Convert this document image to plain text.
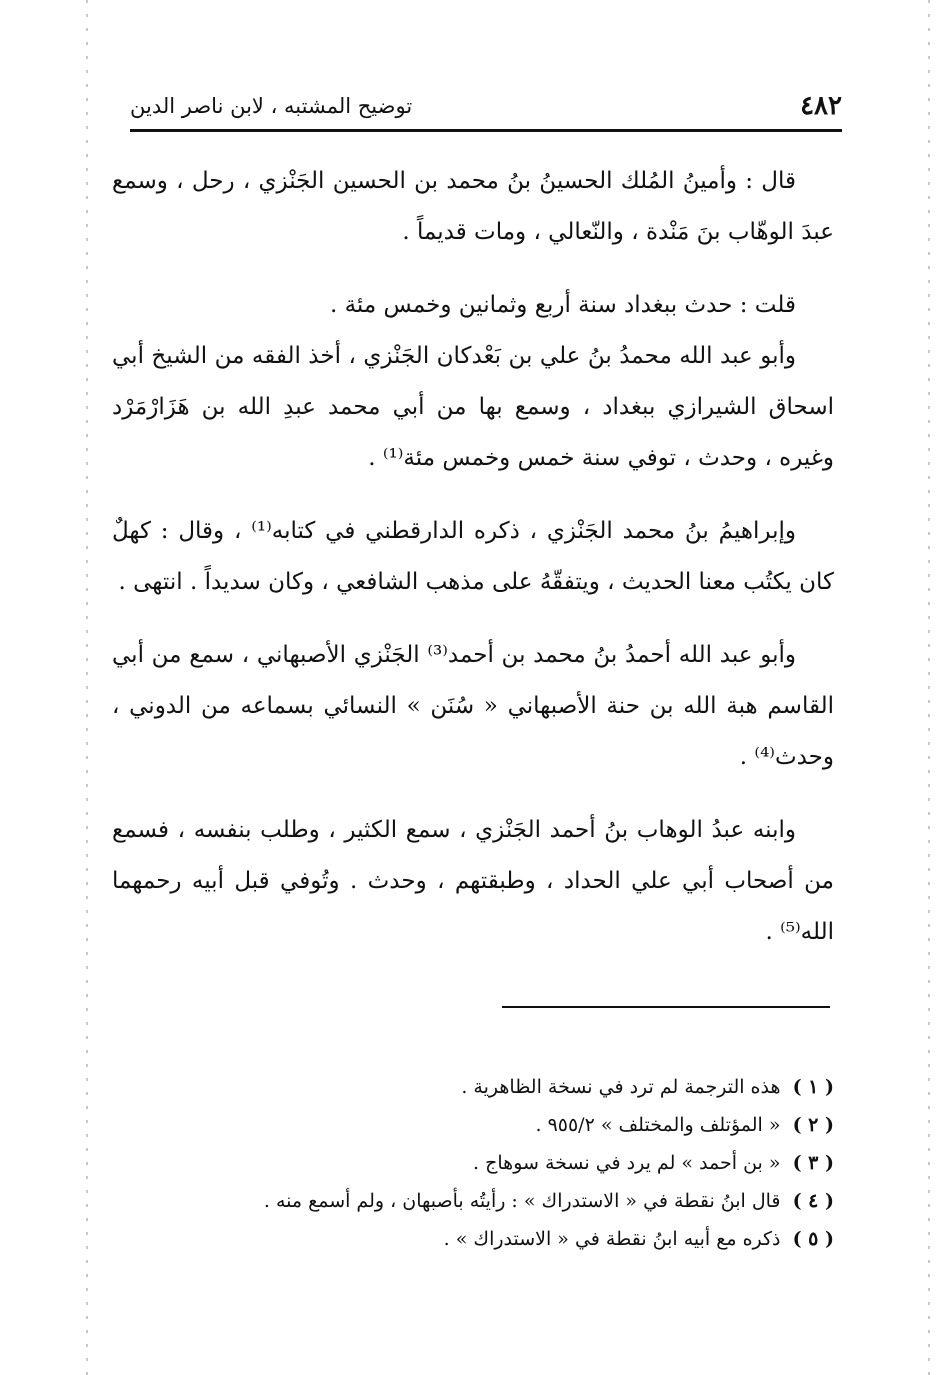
٤٨٢
توضيح المشتبه ، لابن ناصر الدين

قال : وأمينُ المُلك الحسينُ بنُ محمد بن الحسين الجَنْزي ، رحل ، وسمع عبدَ الوهّاب بنَ مَنْدة ، والنّعالي ، ومات قديماً .

قلت : حدث ببغداد سنة أربع وثمانين وخمس مئة .

وأبو عبد الله محمدُ بنُ علي بن بَعْدكان الجَنْزي ، أخذ الفقه من الشيخ أبي اسحاق الشيرازي ببغداد ، وسمع بها من أبي محمد عبدِ الله بن هَزَارْمَرْد وغيره ، وحدث ، توفي سنة خمس وخمس مئة⁽¹⁾ .

وإبراهيمُ بنُ محمد الجَنْزي ، ذكره الدارقطني في كتابه⁽¹⁾ ، وقال : كهلٌ كان يكتُب معنا الحديث ، ويتفقّهُ على مذهب الشافعي ، وكان سديداً . انتهى .

وأبو عبد الله أحمدُ بنُ محمد بن أحمد⁽³⁾ الجَنْزي الأصبهاني ، سمع من أبي القاسم هبة الله بن حنة الأصبهاني « سُنَن » النسائي بسماعه من الدوني ، وحدث⁽⁴⁾ .

وابنه عبدُ الوهاب بنُ أحمد الجَنْزي ، سمع الكثير ، وطلب بنفسه ، فسمع من أصحاب أبي علي الحداد ، وطبقتهم ، وحدث . وتُوفي قبل أبيه رحمهما الله⁽⁵⁾ .

( ١ ) هذه الترجمة لم ترد في نسخة الظاهرية .
( ٢ ) « المؤتلف والمختلف » ٩٥٥/٢ .
( ٣ ) « بن أحمد » لم يرد في نسخة سوهاج .
( ٤ ) قال ابنُ نقطة في « الاستدراك » : رأيتُه بأصبهان ، ولم أسمع منه .
( ٥ ) ذكره مع أبيه ابنُ نقطة في « الاستدراك » .
